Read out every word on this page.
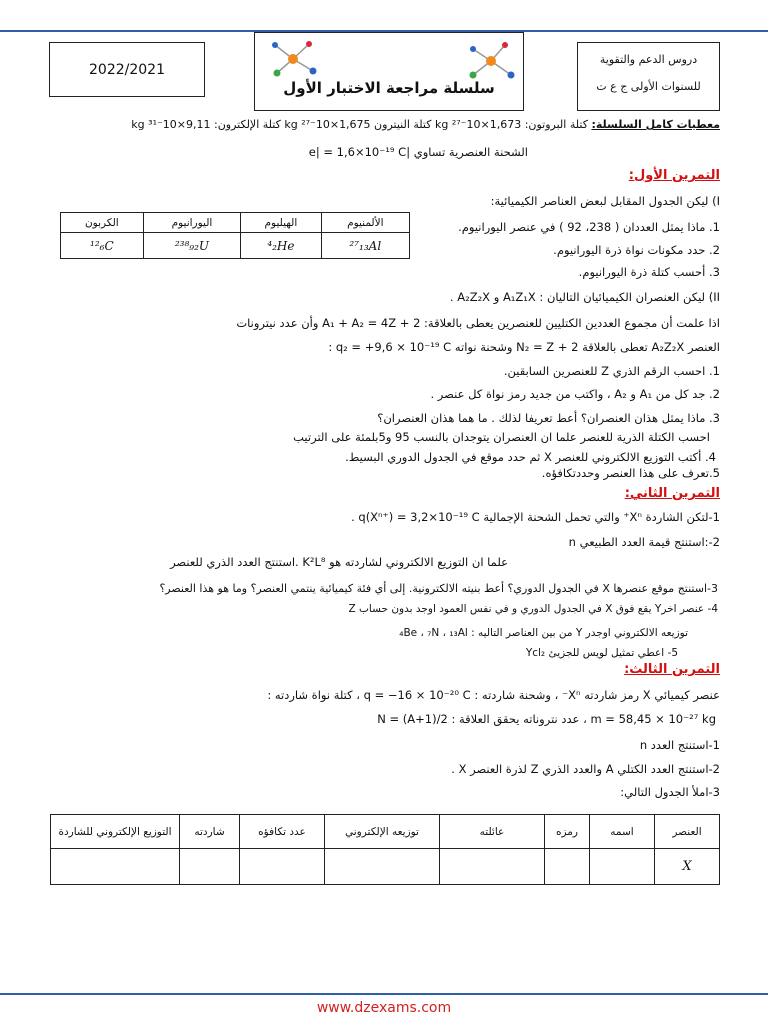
2022/2021
سلسلة مراجعة الاختبار الأول
دروس الدعم والتقوية
للسنوات الأولى ج ع ت
معطيات كامل السلسلة: كتلة البروتون: 1,673×10⁻²⁷ kg كتلة النيترون 1,675×10⁻²⁷ kg كتلة الإلكترون: 9,11×10⁻³¹ kg
الشحنة العنصرية تساوي |e| = 1,6×10⁻¹⁹ C
التمرين الأول:
I) ليكن الجدول المقابل لبعض العناصر الكيميائية:
الكربون	اليورانيوم	الهيليوم	الألمنيوم
¹²₆C	²³⁸₉₂U	⁴₂He	²⁷₁₃Al
1. ماذا يمثل العددان ( 238، 92 ) في عنصر اليورانيوم.
2. حدد مكونات نواة ذرة اليورانيوم.
3. أحسب كتلة ذرة اليورانيوم.
II) ليكن العنصران الكيميائيان التاليان : A₁Z₁X و A₂Z₂X .
اذا علمت أن مجموع العددين الكتليين للعنصرين يعطى بالعلاقة: A₁ + A₂ = 4Z + 2 وأن عدد نيترونات
العنصر A₂Z₂X تعطى بالعلاقة N₂ = Z + 2 وشحنة نواته q₂ = +9,6 × 10⁻¹⁹ C :
1. احسب الرقم الذري Z للعنصرين السابقين.
2. جد كل من A₁ و A₂ ، واكتب من جديد رمز نواة كل عنصر .
3. ماذا يمثل هذان العنصران؟ أعط تعريفا لذلك . ما هما هذان العنصران؟
احسب الكتلة الذرية للعنصر علما ان العنصران يتوجدان بالنسب 95 و5بلمئة على الترتيب
4. أكتب التوزيع الالكتروني للعنصر X ثم حدد موقع في الجدول الدوري البسيط.
5.تعرف على هذا العنصر وحددتكافؤه.
التمرين الثاني:
1-لتكن الشاردة Xⁿ⁺ والتي تحمل الشحنة الإجمالية q(Xⁿ⁺) = 3,2×10⁻¹⁹ C .
2-:استنتج قيمة العدد الطبيعي n
علما ان التوزيع الالكتروني لشاردته هو K²L⁸ .استنتج العدد الذري للعنصر
3-استنتج موقع عنصرها X في الجدول الدوري؟ أعط بنيته الالكترونية. إلى أي فئة كيميائية ينتمي العنصر؟ وما هو هذا العنصر؟
4- عنصر اخرY يقع فوق X في الجدول الدوري و في نفس العمود اوجد بدون حساب Z
توزيعه الالكتروني اوجدر Y من بين العناصر التاليه : ₄Be ، ₇N ، ₁₃Al
5- اعطي تمثيل لويس للجزيئ Ycl₂
التمرين الثالث:
عنصر كيميائي X رمز شاردته Xⁿ⁻ ، وشحنة شاردته : q = −16 × 10⁻²⁰ C ، كتلة نواة شاردته :
m = 58,45 × 10⁻²⁷ kg ، عدد نتروناته يحقق العلاقة : N = (A+1)/2
1-استنتج العدد n
2-استنتج العدد الكتلي A والعدد الذري Z لذرة العنصر X .
3-املأ الجدول التالي:
العنصر	اسمه	رمزه	عائلته	توزيعه الإلكتروني	عدد تكافؤه	شاردته	التوزيع الإلكتروني للشاردة
X							
www.dzexams.com
